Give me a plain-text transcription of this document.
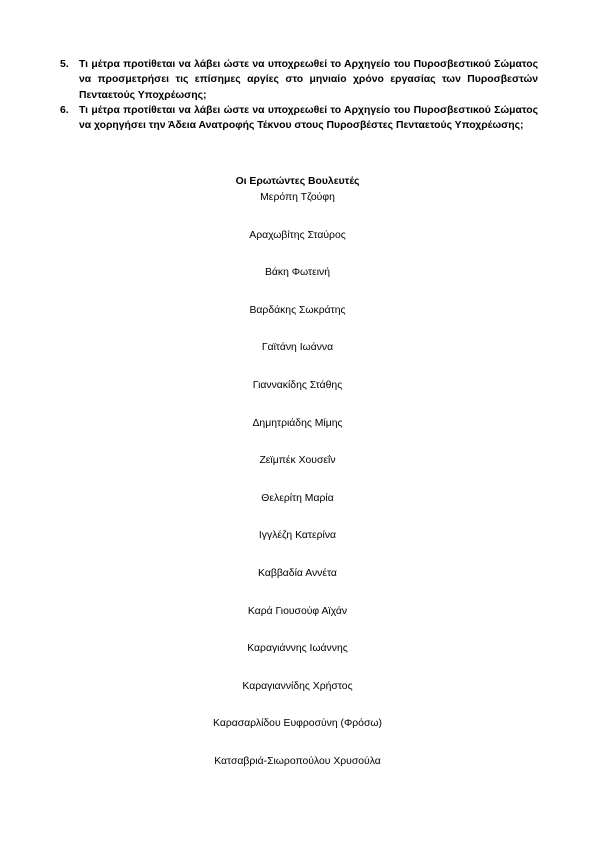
5. Τι μέτρα προτίθεται να λάβει ώστε να υποχρεωθεί το Αρχηγείο του Πυροσβεστικού Σώματος να προσμετρήσει τις επίσημες αργίες στο μηνιαίο χρόνο εργασίας των Πυροσβεστών Πενταετούς Υποχρέωσης;
6. Τι μέτρα προτίθεται να λάβει ώστε να υποχρεωθεί το Αρχηγείο του Πυροσβεστικού Σώματος να χορηγήσει την Άδεια Ανατροφής Τέκνου στους Πυροσβέστες Πενταετούς Υποχρέωσης;
Οι Ερωτώντες Βουλευτές
Μερόπη Τζούφη
Αραχωβίτης Σταύρος
Βάκη Φωτεινή
Βαρδάκης Σωκράτης
Γαϊτάνη Ιωάννα
Γιαννακίδης Στάθης
Δημητριάδης Μίμης
Ζεϊμπέκ Χουσεΐν
Θελερίτη Μαρία
Ιγγλέζη Κατερίνα
Καββαδία Αννέτα
Καρά Γιουσούφ Αϊχάν
Καραγιάννης Ιωάννης
Καραγιαννίδης Χρήστος
Καρασαρλίδου Ευφροσύνη (Φρόσω)
Κατσαβριά-Σιωροπούλου Χρυσούλα
